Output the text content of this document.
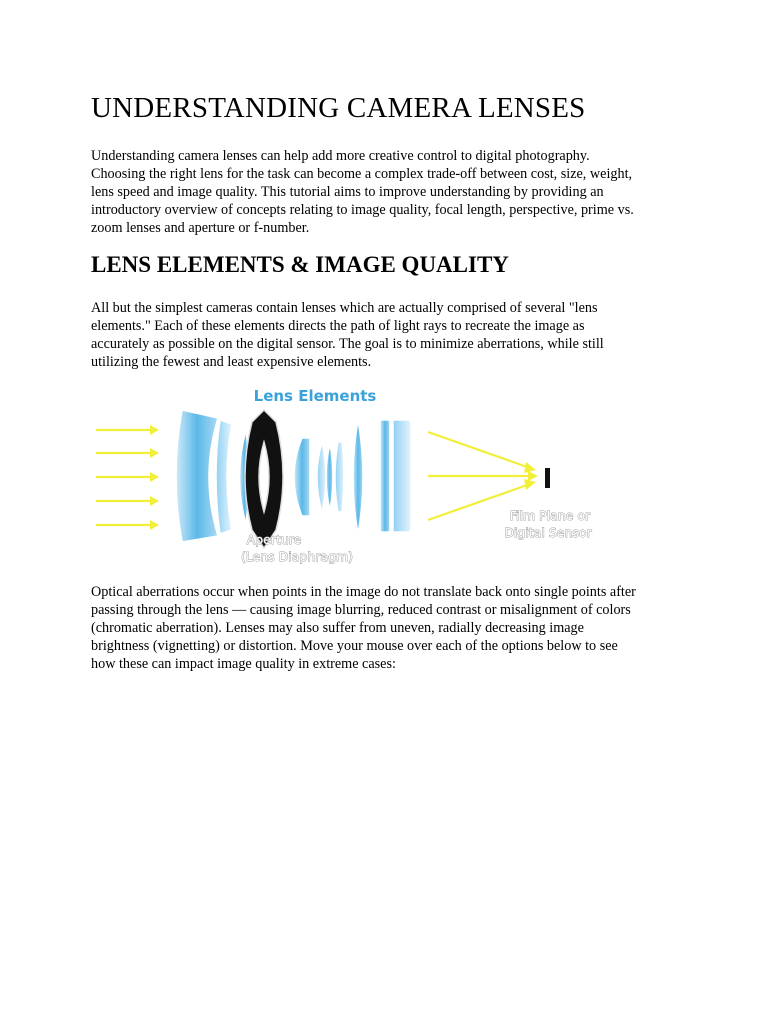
UNDERSTANDING CAMERA LENSES
Understanding camera lenses can help add more creative control to digital photography.
Choosing the right lens for the task can become a complex trade-off between cost, size, weight,
lens speed and image quality. This tutorial aims to improve understanding by providing an
introductory overview of concepts relating to image quality, focal length, perspective, prime vs.
zoom lenses and aperture or f-number.
LENS ELEMENTS & IMAGE QUALITY
All but the simplest cameras contain lenses which are actually comprised of several "lens
elements." Each of these elements directs the path of light rays to recreate the image as
accurately as possible on the digital sensor. The goal is to minimize aberrations, while still
utilizing the fewest and least expensive elements.
Lens Elements
Aperture
(Lens Diaphragm)
Film Plane or
Digital Sensor
Optical aberrations occur when points in the image do not translate back onto single points after
passing through the lens — causing image blurring, reduced contrast or misalignment of colors
(chromatic aberration). Lenses may also suffer from uneven, radially decreasing image
brightness (vignetting) or distortion. Move your mouse over each of the options below to see
how these can impact image quality in extreme cases:
